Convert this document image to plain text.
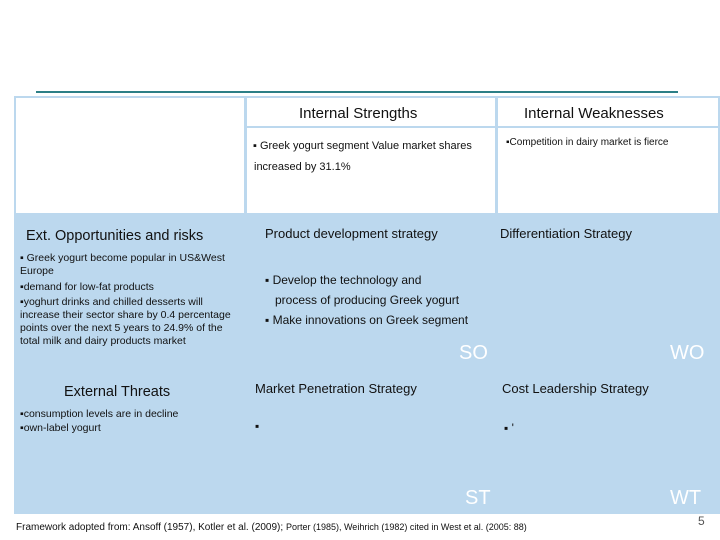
Internal Strengths	Internal Weaknesses
▪ Greek yogurt segment Value market shares
increased by 31.1%
▪Competition in dairy market is fierce
Ext. Opportunities and risks
▪ Greek yogurt become popular in US&West Europe
▪demand for low-fat products
▪yoghurt drinks and chilled desserts will increase their sector share by 0.4 percentage points over the next 5 years to 24.9% of the total milk and dairy products market
Product development strategy
▪ Develop the technology and
process of producing Greek yogurt
▪ Make innovations on Greek segment
SO
Differentiation Strategy
WO
External Threats
▪consumption levels are in decline
▪own-label yogurt
Market Penetration Strategy
▪
ST
Cost Leadership Strategy
▪ '
WT
Framework adopted from: Ansoff (1957), Kotler et al. (2009); Porter (1985), Weihrich (1982) cited in West et al. (2005: 88)	5
